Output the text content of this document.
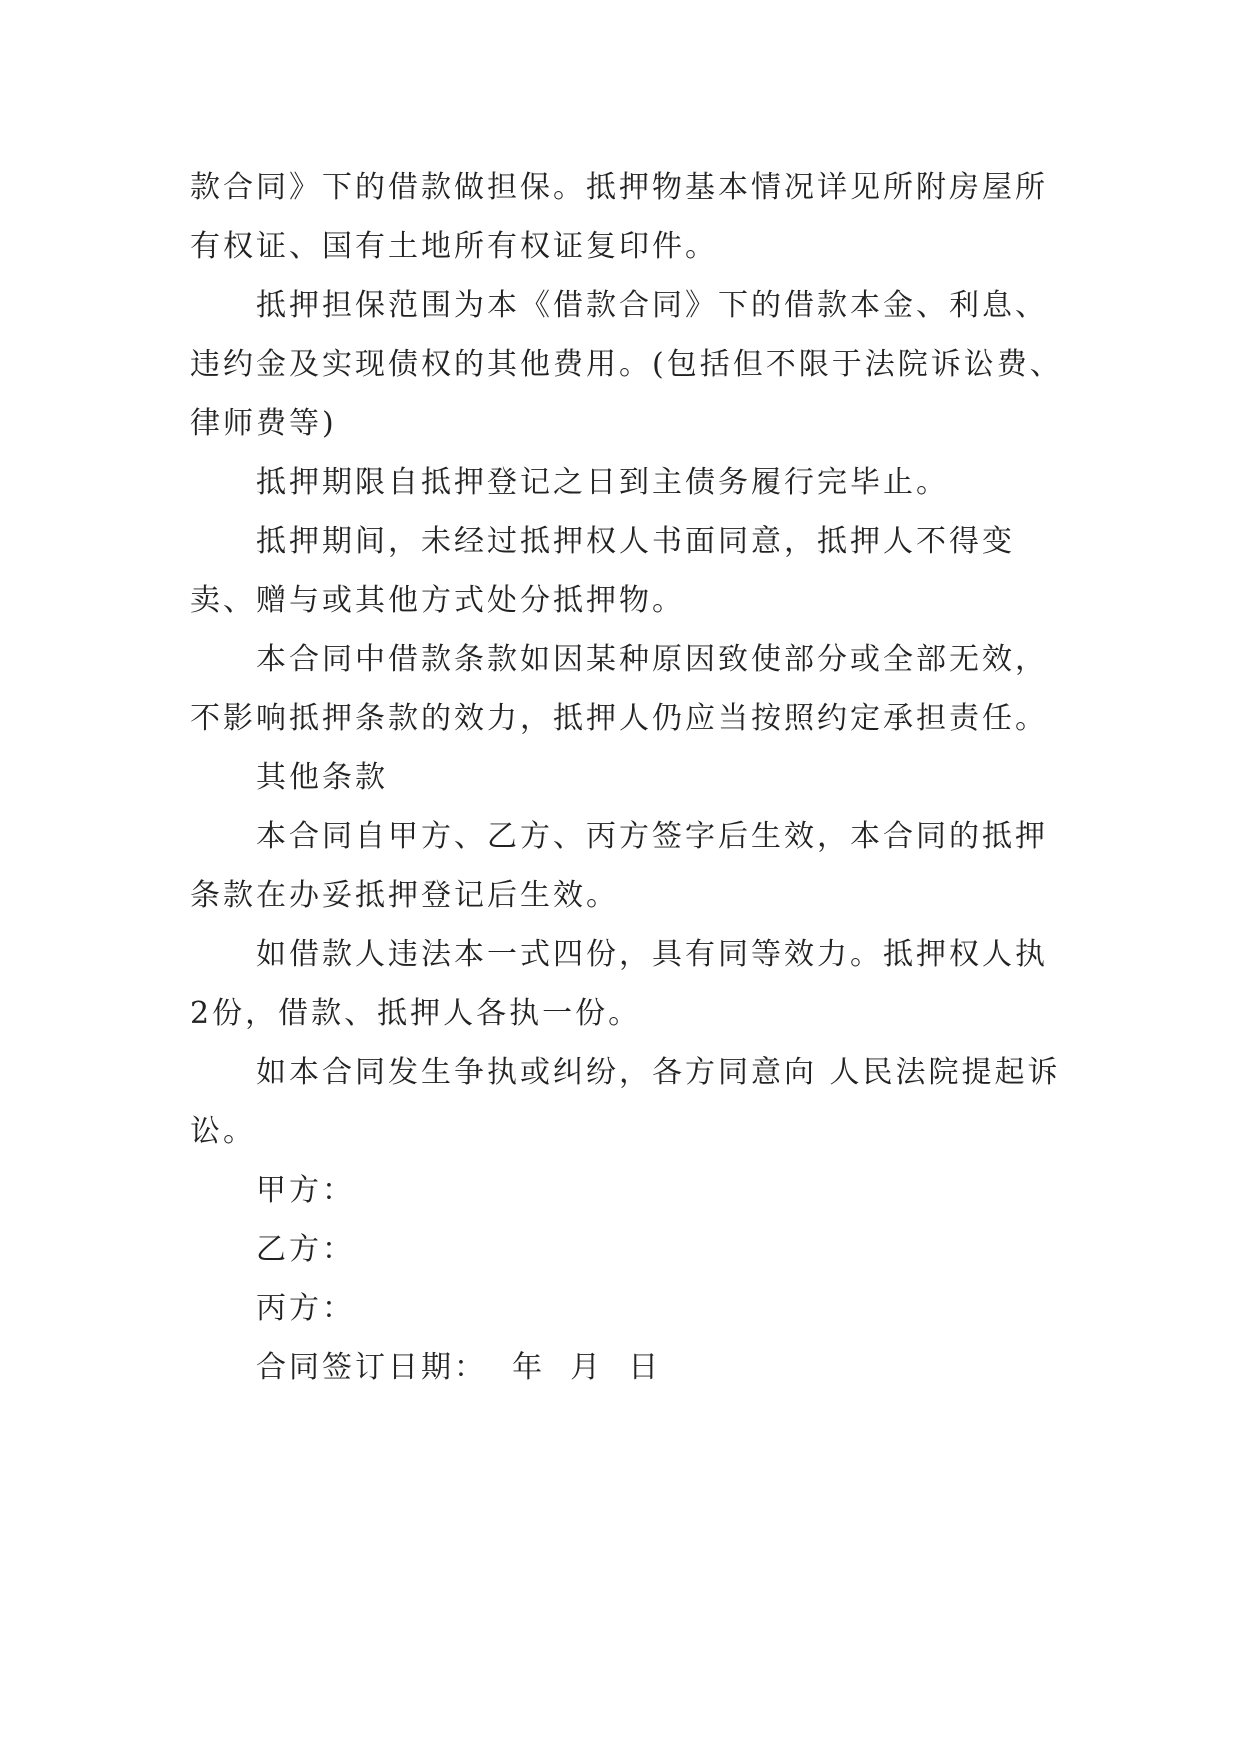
款合同》下的借款做担保。抵押物基本情况详见所附房屋所有权证、国有土地所有权证复印件。

抵押担保范围为本《借款合同》下的借款本金、利息、违约金及实现债权的其他费用。(包括但不限于法院诉讼费、律师费等)

抵押期限自抵押登记之日到主债务履行完毕止。

抵押期间，未经过抵押权人书面同意，抵押人不得变卖、赠与或其他方式处分抵押物。

本合同中借款条款如因某种原因致使部分或全部无效，不影响抵押条款的效力，抵押人仍应当按照约定承担责任。

其他条款

本合同自甲方、乙方、丙方签字后生效，本合同的抵押条款在办妥抵押登记后生效。

如借款人违法本一式四份，具有同等效力。抵押权人执2份，借款、抵押人各执一份。

如本合同发生争执或纠纷，各方同意向 人民法院提起诉讼。

甲方：

乙方：

丙方：

合同签订日期：  年  月  日
